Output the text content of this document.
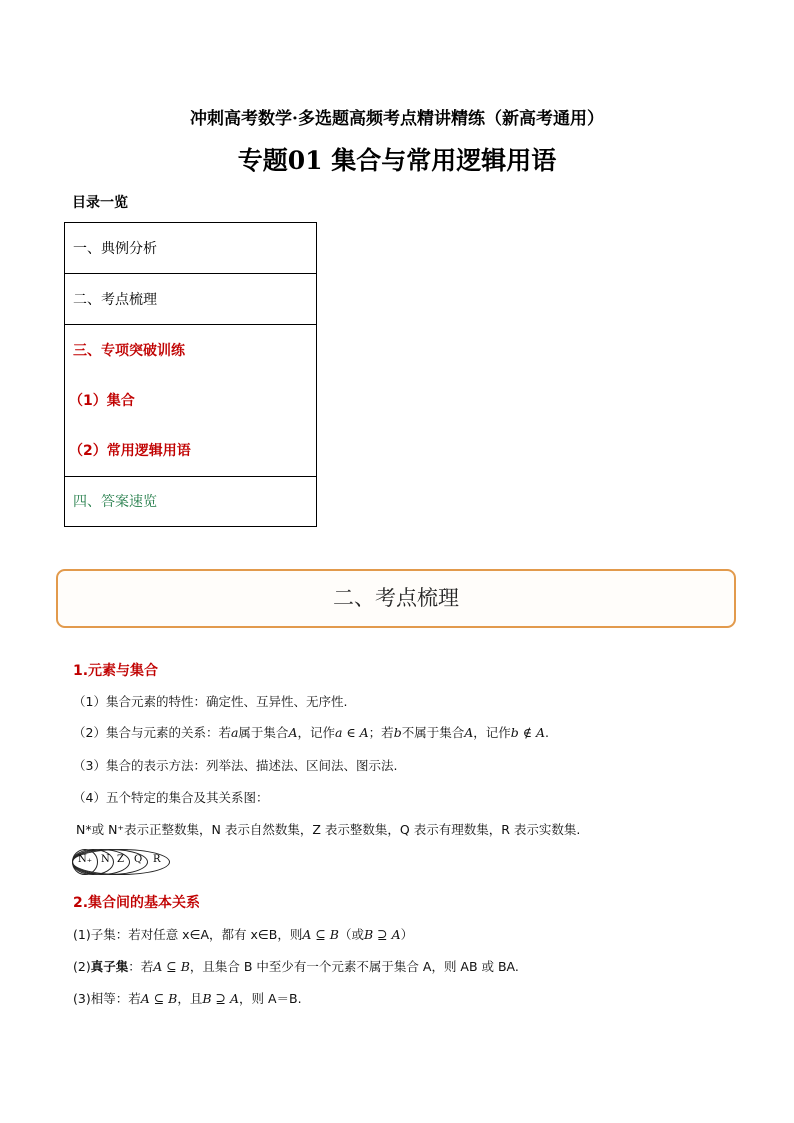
冲刺高考数学·多选题高频考点精讲精练（新高考通用）
专题01 集合与常用逻辑用语
目录一览
一、典例分析
二、考点梳理
三、专项突破训练
（1）集合
（2）常用逻辑用语
四、答案速览
二、考点梳理
1.元素与集合
（1）集合元素的特性：确定性、互异性、无序性.
（2）集合与元素的关系：若a属于集合A，记作a ∈ A；若b不属于集合A，记作b ∉ A.
（3）集合的表示方法：列举法、描述法、区间法、图示法.
（4）五个特定的集合及其关系图：
N*或 N⁺表示正整数集，N 表示自然数集，Z 表示整数集，Q 表示有理数集，R 表示实数集.
N₊ N Z Q R
2.集合间的基本关系
(1)子集：若对任意 x∈A，都有 x∈B，则A ⊆ B（或B ⊇ A）
(2)真子集：若A ⊆ B，且集合 B 中至少有一个元素不属于集合 A，则 AB 或 BA.
(3)相等：若A ⊆ B，且B ⊇ A，则 A＝B.
